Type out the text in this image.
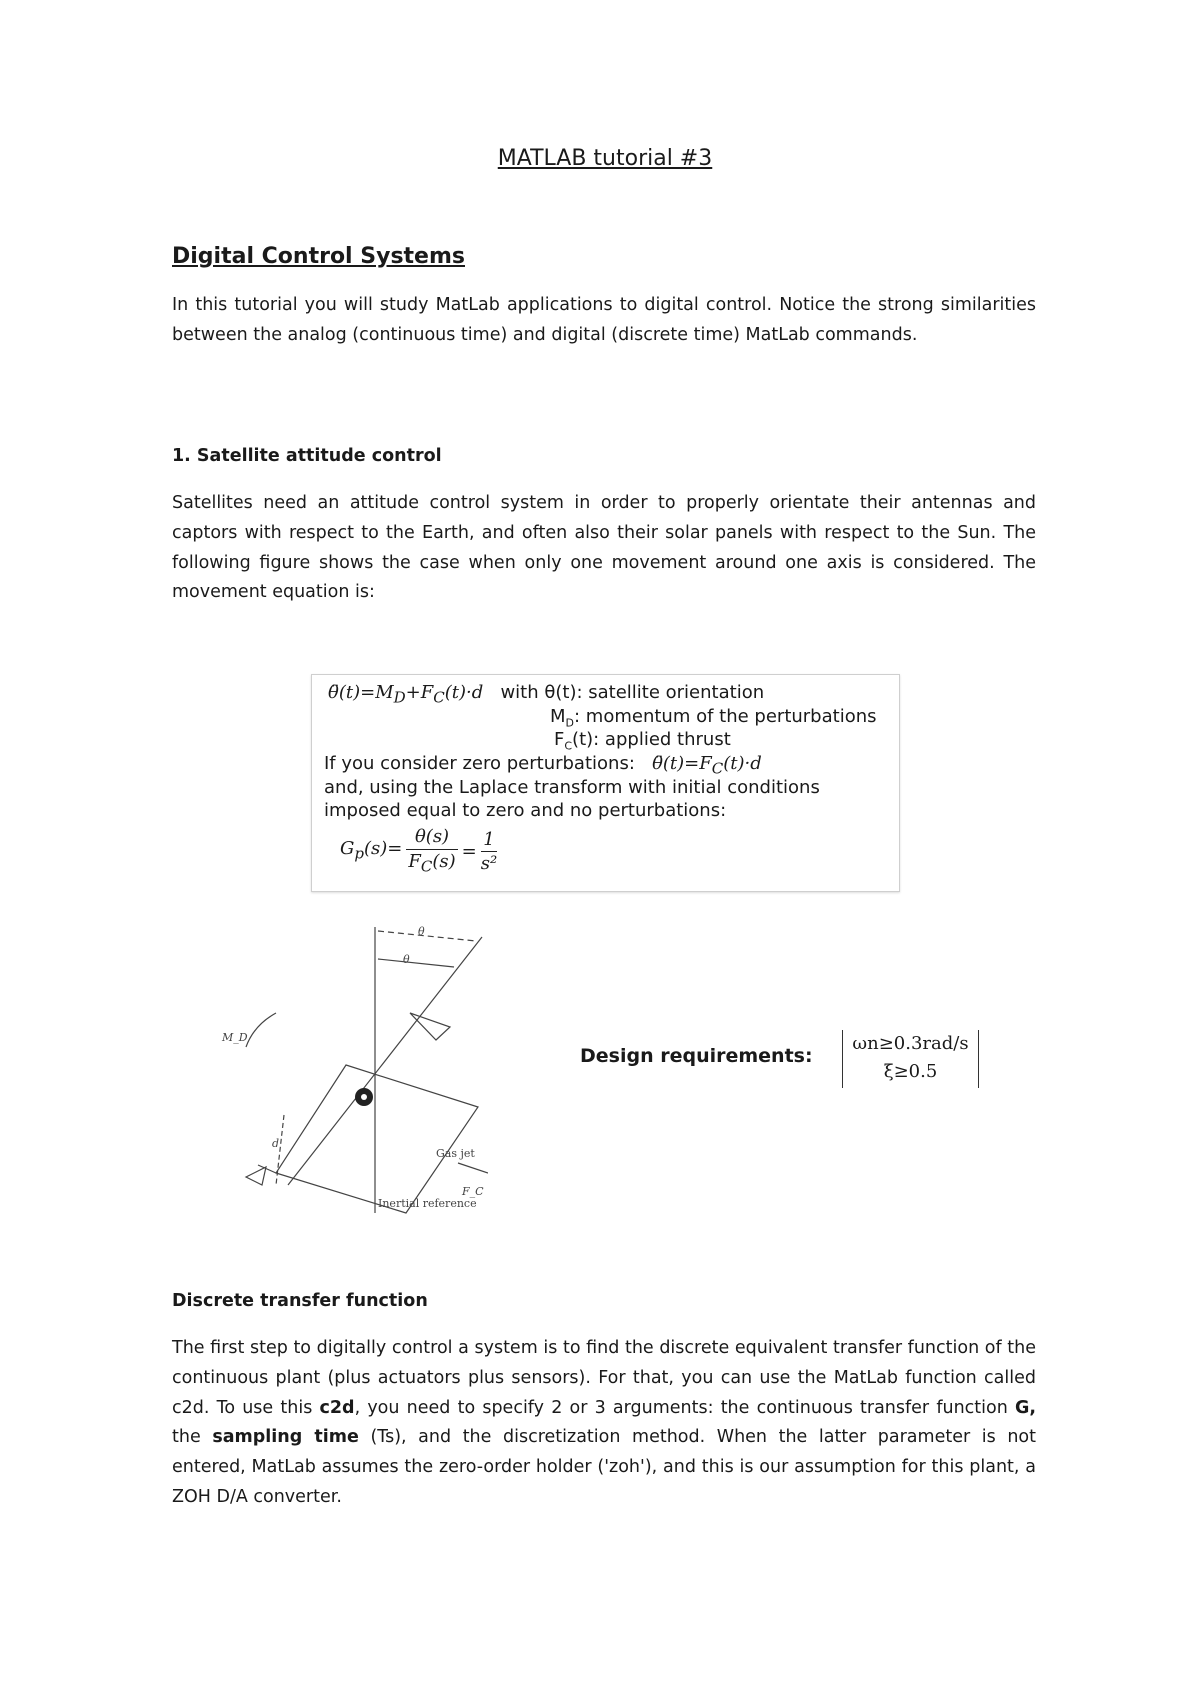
MATLAB tutorial #3
Digital Control Systems
In this tutorial you will study MatLab applications to digital control. Notice the strong similarities between the analog (continuous time) and digital (discrete time) MatLab commands.
1. Satellite attitude control
Satellites need an attitude control system in order to properly orientate their antennas and captors with respect to the Earth, and often also their solar panels with respect to the Sun. The following figure shows the case when only one movement around one axis is considered. The movement equation is:
$\thetä(t)=M_D+F_C(t)\cdot d$ with θ(t): satellite orientation
$M_D$: momentum of the perturbations
$F_C(t)$: applied thrust
If you consider zero perturbations: $\thetä(t)=F_C(t)\cdot d$
and, using the Laplace transform with initial conditions
imposed equal to zero and no perturbations:
$G_p(s)= \frac{\theta(s)}{F_C(s)} = \frac{1}{\text{s²}}$
θ
θ
M_D
d
Gas jet
F_C
Inertial reference
Design requirements:
ωn≥0.3rad/s
ξ≥0.5
Discrete transfer function
The first step to digitally control a system is to find the discrete equivalent transfer function of the continuous plant (plus actuators plus sensors). For that, you can use the MatLab function called c2d. To use this c2d, you need to specify 2 or 3 arguments: the continuous transfer function G, the sampling time (Ts), and the discretization method. When the latter parameter is not entered, MatLab assumes the zero-order holder ('zoh'), and this is our assumption for this plant, a ZOH D/A converter.
